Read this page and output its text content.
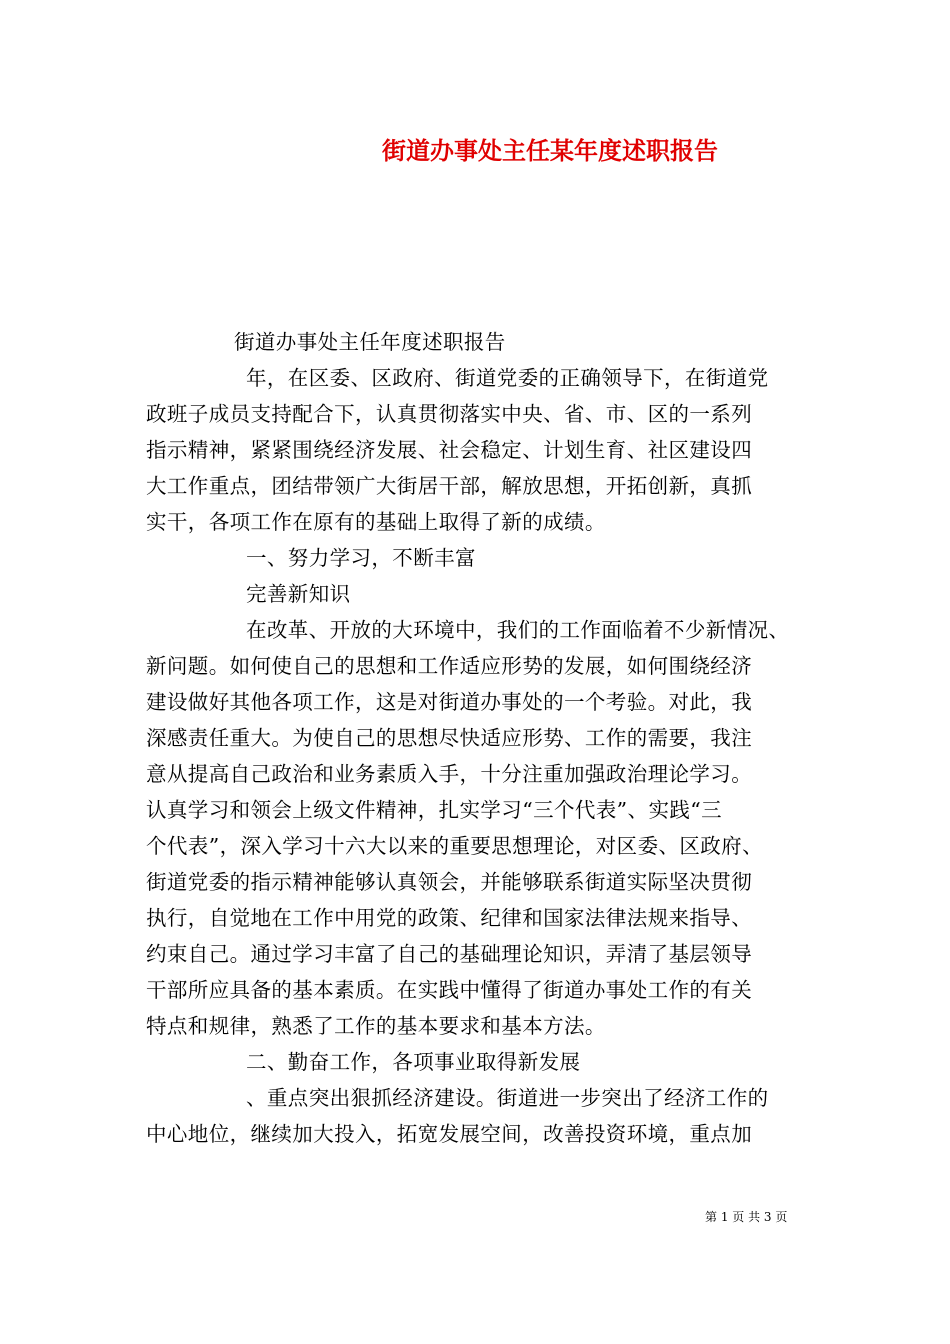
街道办事处主任某年度述职报告
街道办事处主任年度述职报告
年，在区委、区政府、街道党委的正确领导下，在街道党
政班子成员支持配合下，认真贯彻落实中央、省、市、区的一系列
指示精神，紧紧围绕经济发展、社会稳定、计划生育、社区建设四
大工作重点，团结带领广大街居干部，解放思想，开拓创新，真抓
实干，各项工作在原有的基础上取得了新的成绩。
一、努力学习，不断丰富
完善新知识
在改革、开放的大环境中，我们的工作面临着不少新情况、
新问题。如何使自己的思想和工作适应形势的发展，如何围绕经济
建设做好其他各项工作，这是对街道办事处的一个考验。对此，我
深感责任重大。为使自己的思想尽快适应形势、工作的需要，我注
意从提高自己政治和业务素质入手，十分注重加强政治理论学习。
认真学习和领会上级文件精神，扎实学习“三个代表”、实践“三
个代表”，深入学习十六大以来的重要思想理论，对区委、区政府、
街道党委的指示精神能够认真领会，并能够联系街道实际坚决贯彻
执行，自觉地在工作中用党的政策、纪律和国家法律法规来指导、
约束自己。通过学习丰富了自己的基础理论知识，弄清了基层领导
干部所应具备的基本素质。在实践中懂得了街道办事处工作的有关
特点和规律，熟悉了工作的基本要求和基本方法。
二、勤奋工作，各项事业取得新发展
、重点突出狠抓经济建设。街道进一步突出了经济工作的
中心地位，继续加大投入，拓宽发展空间，改善投资环境，重点加
第 1 页 共 3 页
